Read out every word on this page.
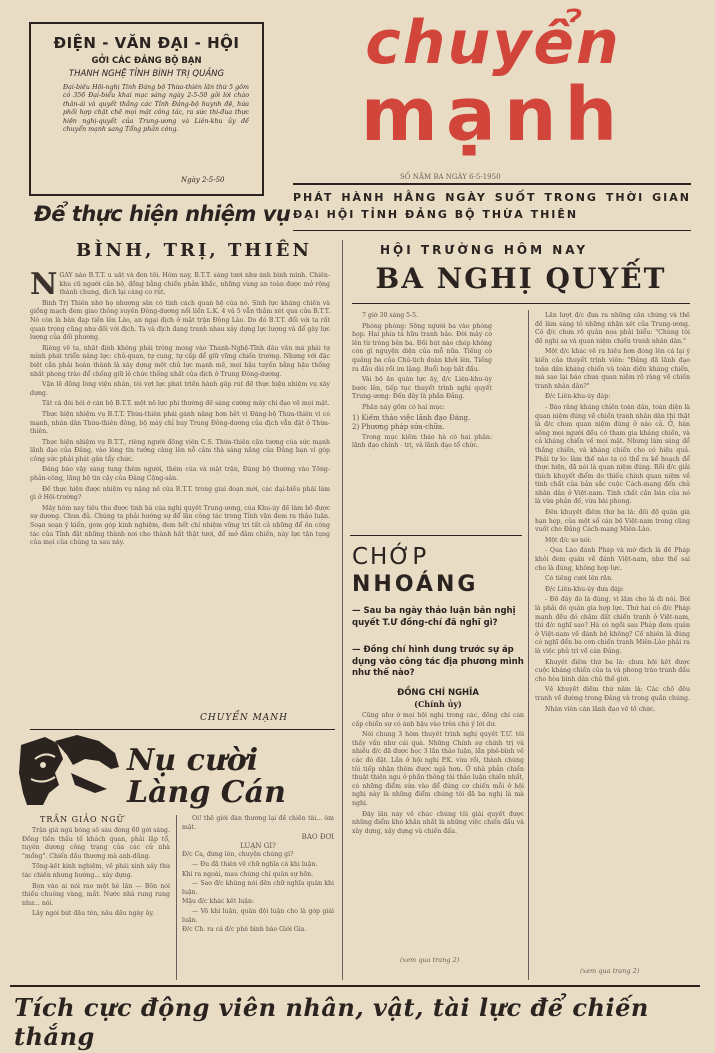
ĐIỆN - VĂN ĐẠI - HỘI
GỞI CÁC ĐẢNG BỘ BẠN
THANH NGHỆ TỈNH BÌNH TRỊ QUẢNG
Đại-biểu Hội-nghị Tỉnh Đảng bộ Thừa-thiên lần thứ 5 gồm có 356 Đại-biểu khai mạc sáng ngày 2-5-50 gởi lời chào thân-ái và quyết thắng các Tỉnh Đảng-bộ huynh đệ, hứa phối hợp chặt chẽ mọi mặt công tác, ra sức thi-đua thực hiện nghị-quyết của Trung-ương và Liên-khu ủy để chuyển mạnh sang Tổng phản công.
Ngày 2-5-50
chuyển
mạnh
SỐ NĂM BA NGÀY 6-5-1950
PHÁT HÀNH HẰNG NGÀY SUỐT TRONG THỜI GIAN ĐẠI HỘI TỈNH ĐẢNG BỘ THỪA THIÊN
Để thực hiện nhiệm vụ
BÌNH, TRỊ, THIÊN
N GÀY nào B.T.T. u uất và đen tối. Hôm nay, B.T.T. sáng tươi như ánh bình minh. Chiến-khu cũ người căn bộ, đồng bằng chiến phản khắc, những vùng an toàn được mở rộng thành chung, địch lại càng co rút.

Bình Trị Thiên nhờ họ nhượng sẵn có tinh cách quan hệ của nó. Sinh lực kháng chiến và giồng mạch đem giao thông suyên Đông-dương nối liền L.K. 4 và 5 vẫn thầm xét qua cửa B.T.T. Nó còn là bàn đạp tiến lên Lào, an ngại địch ở mặt trận Đông Lào. Do đó B.T.T. đối với ta rất quan trọng cũng như đối với địch. Ta và địch đang tranh nhau xây dựng lực lượng và để gây lực lượng của đối phương.

Riêng về ta, nhất định không phải trông mong vào Thanh-Nghệ-Tĩnh dẫu vẫn mà phải tự mình phát triển nâng lực: chủ-quan, tự cung, tự cấp để giữ vững chiến trường. Nhưng với đặc biệt cần phải hoàn thành là xây dựng một chủ lực mạnh mẽ, mọi hậu tuyến bằng hậu thống nhất phong trào để chống giữ lẻ chức thống nhất của địch ở Trung Đông-dương.

Vận lẽ đồng lòng viện nhân, tôi vợt lực phát triển hành gấp rút để thực hiện nhiệm vụ xây dựng.

Tất cả đòi hỏi ở cán bộ B.T.T. một nỗ lực phi thường để sáng cường mây chỉ đạo về mọi mặt.

Thực hiện nhiệm vụ B.T.T. Thừa-thiên phải gánh năng hơn hết vì Đảng-bộ Thừa-thiên vì có mạnh, nhân dân Thừa-thiên đông, bộ máy chỉ huy Trung Đông-dương của địch vẫn đặt ở Thừa-thiên.

Thực hiện nhiệm vụ B.T.T., riêng người đồng viên C.S. Thừa-thiên cần tương của sức mạnh lãnh đạo của Đảng, vào lòng tin tưởng càng lên nỗ cảm thà sáng năng của Đảng bạn vì góp công sức phải phát gân tẩy chức.

Đảng bảo vậy sáng tung thêm người, thêm của và mặt trận, Đảng bộ thường vào Tổng-phản-công, lãng bộ tin cậy của Đảng Cộng-sản.

Để thực hiện được nhiệm vụ nặng nề của B.T.T. trong giai đoạn mới, các đại-biểu phải làm gì ở Hội-trường?

Mấy hôm nay tiếu thu được tinh hà của nghị quyết Trung-ương, của Khu-ủy để làm bổ được sự dương. Chưa đủ. Chúng ta phải hướng sự để lãn công tác trong Tỉnh vận đem ra thảo luận. Soạn soạn ý kiến, gom góp kinh nghiệm, đem hết chí nhiệm vững trí tất cả những để ôn công tác của Tỉnh đặt những thành nơi cho thành hất thật tươi, để mở đảm chiến, này lực tận tụng của mọi của chúng ta sau này.

CHUYỂN MẠNH
HỘI TRƯỜNG HÔM NAY
BA NGHỊ QUYẾT

7 giờ 30 sáng 5-5.

Phòng phòng: Sống người ba vào phòng họp. Hai phía tả hữu tranh bảo. Đời mây cờ lên từ tròng bên ba. Đồi bút nào chép không còn gì nguyện diện của mỗ nữa. Tiếng cờ quảng ba của Chủ-tịch đoàn khởi lên. Tiếng ra đầu dài rồi im lặng. Buổi họp bắt đầu.

Vài bộ ăn quản lực ấy, đ/c Liên-khu-ủy bước lên, tiếp tục thuyết trình nghị quyết Trung-ương: Đến đây là phần Đảng.

Phần này gồm có hai mục:

1) Kiểm thảo việc lãnh đạo Đảng.

2) Phương pháp sửa-chữa.

Trong mục kiểm thảo hà có hai phần: lãnh đạo chính - trị, và lãnh đạo tổ chức.

Lần lượt đ/c đưa ra những căn chứng và thế đề làm sáng tỏ những nhận xét của Trung-ương. Có đ/c chưa rõ quân nọa phải biểu: "Chúng tôi đề nghị sa và quan niệm chiến tranh nhân dân."

Một đ/c khác về ra hiểu hơn đóng lên cả lại ý kiến của thuyết trình viên: "Đảng đã lãnh đạo toàn dân kháng chiến và toàn diện kháng chiến, mà sao lại báo chưa quan niệm rõ ràng về chiến tranh nhân dân?"

Đ/c Liên-khu-ủy đáp:

- Bảo rằng kháng chiến toàn dân, toàn diện là quan niệm đúng về chiến tranh nhân dân thì thật là đ/c chưa quan niệm đúng ở nào cả. Ở, hàn sống mọi người đều có tham gia kháng chiến, và cả kháng chiến về mọi mặt. Nhưng làm sáng để thắng chiến, và kháng chiến cho có hiệu quả. Phải tự lo: làm thế nào ta có thể ra kế hoạch để thực hiện, đã nói là quan niệm đúng. Rồi đ/c giải thích khuyết điểm do thiếu chính quan niệm về tính chất của bản sắc cuộc Cách-mạng đến chủ nhân dân ở Việt-nam. Tính chất cần bản của nó là vừa phản đế, vừa bài phong.

Đến khuyết điểm thứ ba là: đối độ quân giá hạn hẹp, của một số cán bộ Việt-nam trong cũng vuốt cho Đảng Cách-mạng Miên-Lào.

Một đ/c sơ nói:

- Qua Lào đánh Pháp và mở địch là để Pháp khỏi đem quân về đánh Việt-nam, như thế sai cho là đúng, không hợp lực.

Có tiếng cười lên rần.

Đ/c Liên-khu-ủy đưa đáp:

- Đồ đây đó là đúng, vì lầm cho là đi nói. Bời là phải đó quân gia hợp lực. Thứ hai có đ/c Pháp mạnh đều đó chăm đất chiến tranh ở Việt-nam, thì đ/c nghĩ sao? Há có ngồi sau Pháp đem quân ở Việt-nam về đánh bộ không? Cố nhiên là đúng có nghĩ đến ba cơn chiến tranh Miên-Lào phải ra là việc phủ trì về cán Đảng.

Khuyết điểm thứ ba là: chưa hội kết được cuộc kháng chiến của ta và phong trào tranh đấu cho hòa bình dân chủ thế giới.

Về khuyết điểm thứ năm là: Các chỗ đều tranh về đường trong Đảng và trong quần chúng.

Nhân viên cán lãnh đạo về tổ chức.

(xem qua trang 2)
CHỚP
NHOÁNG
— Sau ba ngày thảo luận bản nghị quyết T.Ư đồng-chí đã nghĩ gì?
— Đồng chí hình dung trước sự áp dụng vào công tác địa phương mình như thế nào?
ĐỒNG CHÍ NGHĨA
(Chính ủy)

Cũng như ở mọi hội nghị trong các, đồng chí cán cấp chiến sự có ánh hậu vào trên chú ý lời dư.

Nói chung 3 hôm thuyết trình nghị quyết T.Ư. tôi thấy vấn như cái quà. Những Chính sự chính trị và nhiều đ/c đã được học 3 lần thảo luận, lần phê-bình về các đó đặt. Lần ở hội nghị P.K. vừa rồi, thành chúng tôi tiếp nhận thêm được ngả hơn. Ở nhà phản chiến thuật thiện ngu ở phần thông tài thảo luận chiến nhất, có những điểm sửa vào để đúng cơ chiến mỗi ở hội nghị này là những điểm chúng tôi đã ba nghị là mà nghị.

Đây lần này về chúc chúng tôi giải quyết được những điểm khó khăn nhất là những việc chiến đấu và xây dựng, xây dựng và chiến đấu.

(xem qua trang 2)
Nụ cười Làng Cán
TRẦN GIẢO NGỮ

Trận giá ngủ bóng số sáu đóng 60 gởi sảng. Đồng tiền thấu tế khách quan, phải lập tổ, tuyên dương công trạng của các cử nhà "mổng". Chiến đấu thương mà anh-dũng.

Tổng-kết kinh nghiệm, về phải xinh xây thứ tác chiến nhưng hướng... xây dựng.

Bọn vào ai nói rao một hẻ lần — Bốn nói thiếu chuông vàng, mất. Nước nhà rung rung như... nói.

Lấy ngòi bút đầu tên, nấu đầu ngày ấy.

Ôi! thế giới đàn thương lại để chiến tài... ôm mặt.

BÁO ĐỜI

LUẬN GÌ?

Đ/c Ca, đừng lên, chuyện chúng gì?

— Đu đã thiên về chữ nghĩa cả khi luận.

Khi ra ngoài, mau chúng chỉ quân sự hồn.

— Sao đ/c khủng nói đến chữ nghĩa quân khi luận.

Mậu đ/c khác kết luận:

— Vô khi luận, quân đội luận cho là góp giải luận.

Đ/c Ch. ra cả đ/c phê bình báo Giới Gia.

Tích cực động viên nhân, vật, tài lực để chiến thắng
